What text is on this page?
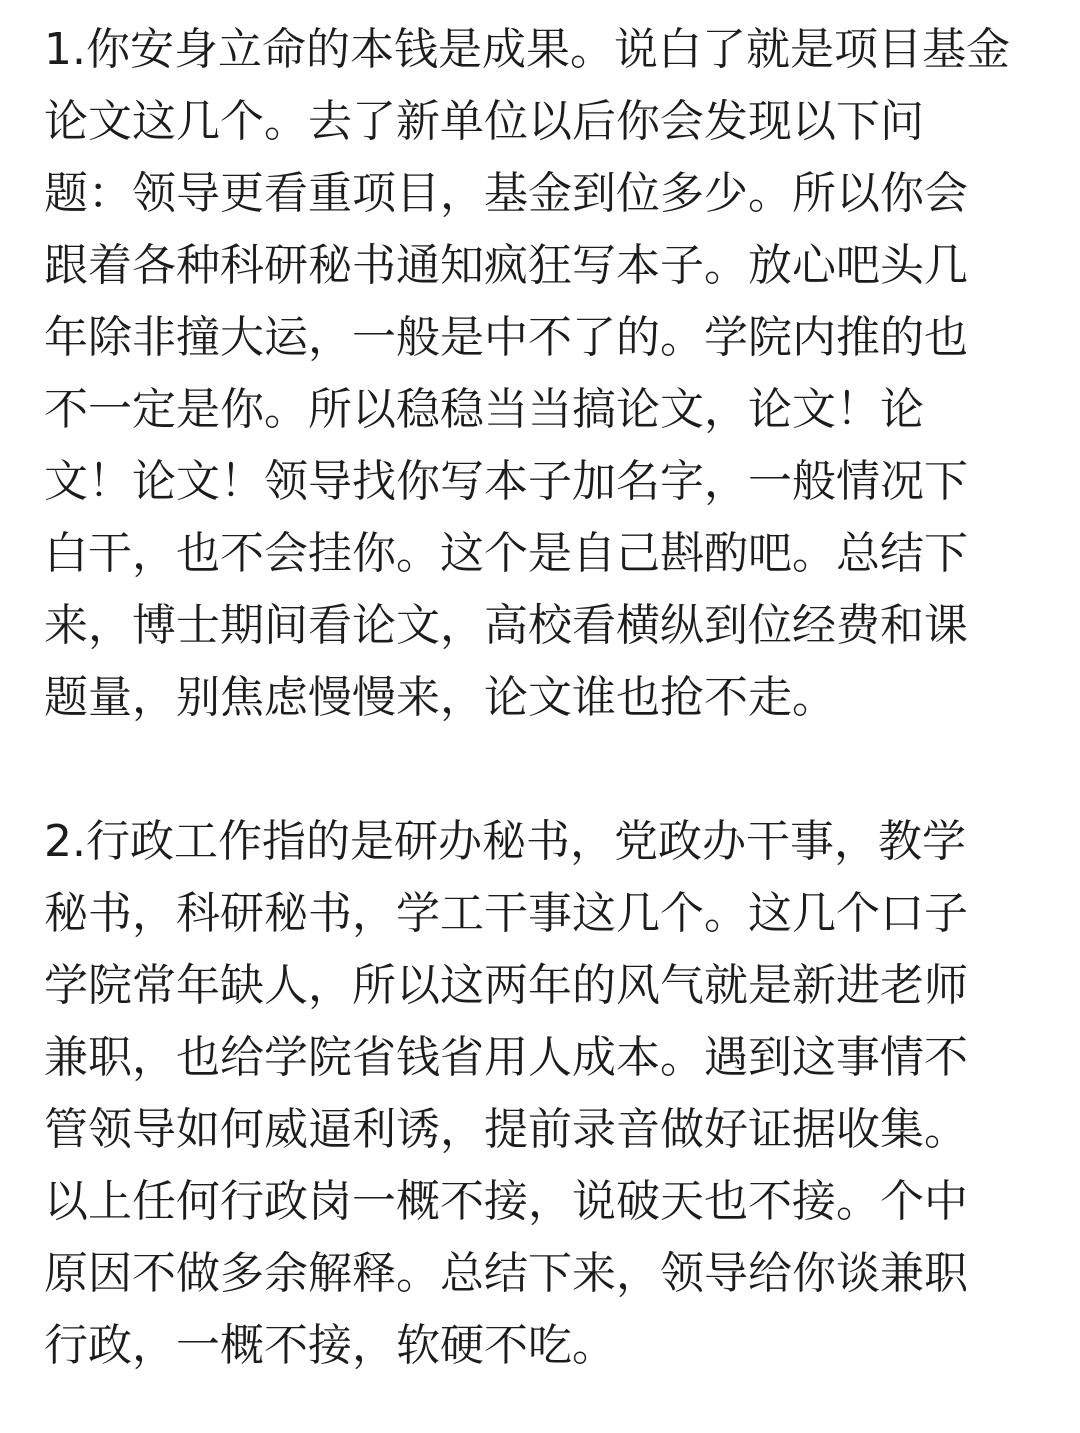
1.你安身立命的本钱是成果。说白了就是项目基金
论文这几个。去了新单位以后你会发现以下问
题：领导更看重项目，基金到位多少。所以你会
跟着各种科研秘书通知疯狂写本子。放心吧头几
年除非撞大运，一般是中不了的。学院内推的也
不一定是你。所以稳稳当当搞论文，论文！论
文！论文！领导找你写本子加名字，一般情况下
白干，也不会挂你。这个是自己斟酌吧。总结下
来，博士期间看论文，高校看横纵到位经费和课
题量，别焦虑慢慢来，论文谁也抢不走。

2.行政工作指的是研办秘书，党政办干事，教学
秘书，科研秘书，学工干事这几个。这几个口子
学院常年缺人，所以这两年的风气就是新进老师
兼职，也给学院省钱省用人成本。遇到这事情不
管领导如何威逼利诱，提前录音做好证据收集。
以上任何行政岗一概不接，说破天也不接。个中
原因不做多余解释。总结下来，领导给你谈兼职
行政，一概不接，软硬不吃。
